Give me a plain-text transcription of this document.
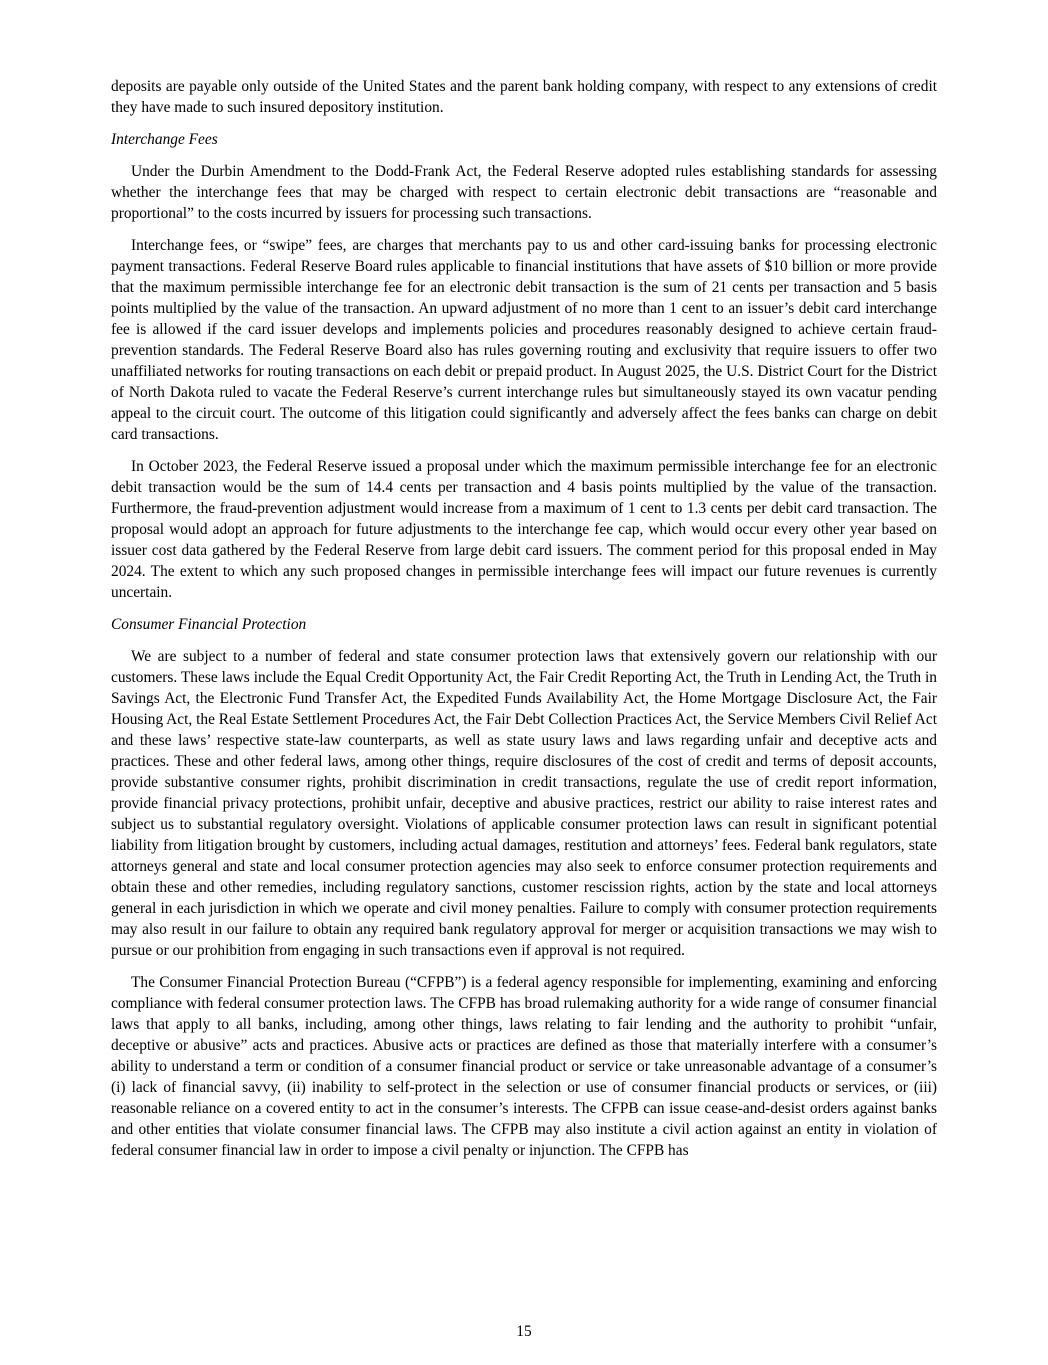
deposits are payable only outside of the United States and the parent bank holding company, with respect to any extensions of credit they have made to such insured depository institution.

Interchange Fees

Under the Durbin Amendment to the Dodd-Frank Act, the Federal Reserve adopted rules establishing standards for assessing whether the interchange fees that may be charged with respect to certain electronic debit transactions are “reasonable and proportional” to the costs incurred by issuers for processing such transactions.

Interchange fees, or “swipe” fees, are charges that merchants pay to us and other card-issuing banks for processing electronic payment transactions. Federal Reserve Board rules applicable to financial institutions that have assets of $10 billion or more provide that the maximum permissible interchange fee for an electronic debit transaction is the sum of 21 cents per transaction and 5 basis points multiplied by the value of the transaction. An upward adjustment of no more than 1 cent to an issuer’s debit card interchange fee is allowed if the card issuer develops and implements policies and procedures reasonably designed to achieve certain fraud-prevention standards. The Federal Reserve Board also has rules governing routing and exclusivity that require issuers to offer two unaffiliated networks for routing transactions on each debit or prepaid product. In August 2025, the U.S. District Court for the District of North Dakota ruled to vacate the Federal Reserve’s current interchange rules but simultaneously stayed its own vacatur pending appeal to the circuit court. The outcome of this litigation could significantly and adversely affect the fees banks can charge on debit card transactions.

In October 2023, the Federal Reserve issued a proposal under which the maximum permissible interchange fee for an electronic debit transaction would be the sum of 14.4 cents per transaction and 4 basis points multiplied by the value of the transaction. Furthermore, the fraud-prevention adjustment would increase from a maximum of 1 cent to 1.3 cents per debit card transaction. The proposal would adopt an approach for future adjustments to the interchange fee cap, which would occur every other year based on issuer cost data gathered by the Federal Reserve from large debit card issuers. The comment period for this proposal ended in May 2024. The extent to which any such proposed changes in permissible interchange fees will impact our future revenues is currently uncertain.

Consumer Financial Protection

We are subject to a number of federal and state consumer protection laws that extensively govern our relationship with our customers. These laws include the Equal Credit Opportunity Act, the Fair Credit Reporting Act, the Truth in Lending Act, the Truth in Savings Act, the Electronic Fund Transfer Act, the Expedited Funds Availability Act, the Home Mortgage Disclosure Act, the Fair Housing Act, the Real Estate Settlement Procedures Act, the Fair Debt Collection Practices Act, the Service Members Civil Relief Act and these laws’ respective state-law counterparts, as well as state usury laws and laws regarding unfair and deceptive acts and practices. These and other federal laws, among other things, require disclosures of the cost of credit and terms of deposit accounts, provide substantive consumer rights, prohibit discrimination in credit transactions, regulate the use of credit report information, provide financial privacy protections, prohibit unfair, deceptive and abusive practices, restrict our ability to raise interest rates and subject us to substantial regulatory oversight. Violations of applicable consumer protection laws can result in significant potential liability from litigation brought by customers, including actual damages, restitution and attorneys’ fees. Federal bank regulators, state attorneys general and state and local consumer protection agencies may also seek to enforce consumer protection requirements and obtain these and other remedies, including regulatory sanctions, customer rescission rights, action by the state and local attorneys general in each jurisdiction in which we operate and civil money penalties. Failure to comply with consumer protection requirements may also result in our failure to obtain any required bank regulatory approval for merger or acquisition transactions we may wish to pursue or our prohibition from engaging in such transactions even if approval is not required.

The Consumer Financial Protection Bureau (“CFPB”) is a federal agency responsible for implementing, examining and enforcing compliance with federal consumer protection laws. The CFPB has broad rulemaking authority for a wide range of consumer financial laws that apply to all banks, including, among other things, laws relating to fair lending and the authority to prohibit “unfair, deceptive or abusive” acts and practices. Abusive acts or practices are defined as those that materially interfere with a consumer’s ability to understand a term or condition of a consumer financial product or service or take unreasonable advantage of a consumer’s (i) lack of financial savvy, (ii) inability to self-protect in the selection or use of consumer financial products or services, or (iii) reasonable reliance on a covered entity to act in the consumer’s interests. The CFPB can issue cease-and-desist orders against banks and other entities that violate consumer financial laws. The CFPB may also institute a civil action against an entity in violation of federal consumer financial law in order to impose a civil penalty or injunction. The CFPB has

15
